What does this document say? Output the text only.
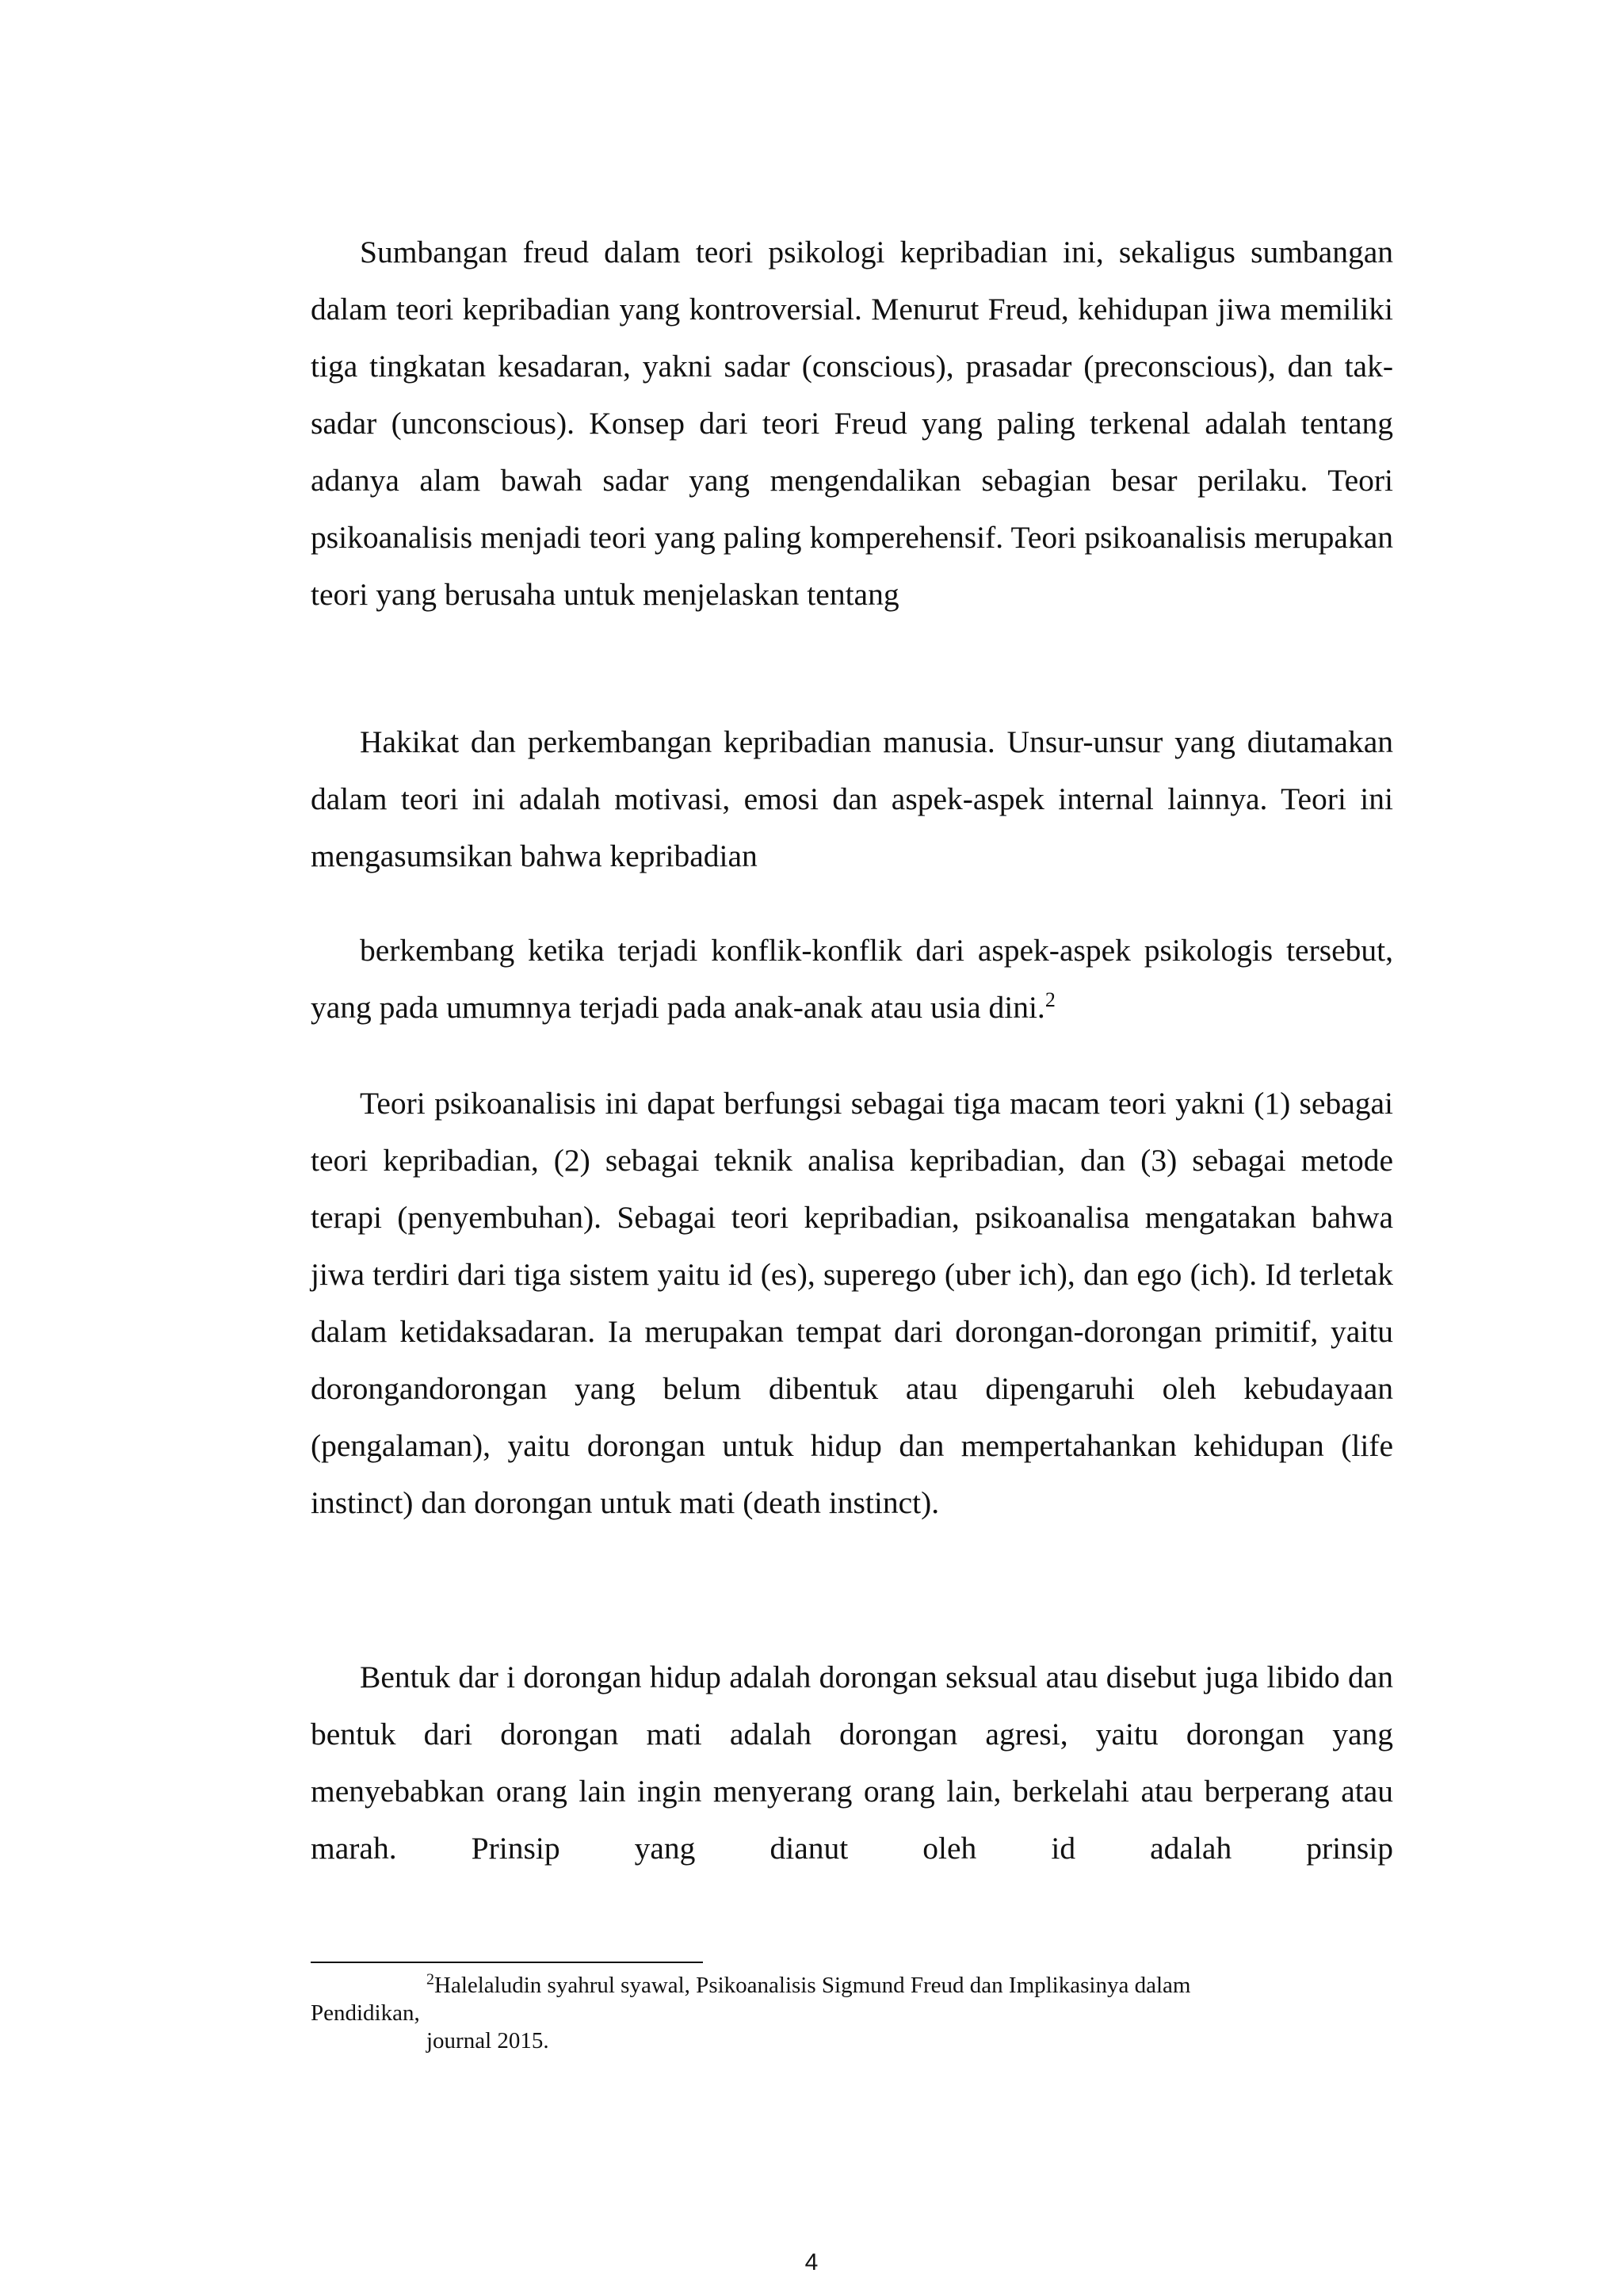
Sumbangan freud dalam teori psikologi kepribadian ini, sekaligus sumbangan dalam teori kepribadian yang kontroversial. Menurut Freud, kehidupan jiwa memiliki tiga tingkatan kesadaran, yakni sadar (conscious), prasadar (preconscious), dan tak-sadar (unconscious). Konsep dari teori Freud yang paling terkenal adalah tentang adanya alam bawah sadar yang mengendalikan sebagian besar perilaku. Teori psikoanalisis menjadi teori yang paling komperehensif. Teori psikoanalisis merupakan teori yang berusaha untuk menjelaskan tentang

Hakikat dan perkembangan kepribadian manusia. Unsur-unsur yang diutamakan dalam teori ini adalah motivasi, emosi dan aspek-aspek internal lainnya. Teori ini mengasumsikan bahwa kepribadian

berkembang ketika terjadi konflik-konflik dari aspek-aspek psikologis tersebut, yang pada umumnya terjadi pada anak-anak atau usia dini.$^2$

Teori psikoanalisis ini dapat berfungsi sebagai tiga macam teori yakni (1) sebagai teori kepribadian, (2) sebagai teknik analisa kepribadian, dan (3) sebagai metode terapi (penyembuhan). Sebagai teori kepribadian, psikoanalisa mengatakan bahwa jiwa terdiri dari tiga sistem yaitu id (es), superego (uber ich), dan ego (ich). Id terletak dalam ketidaksadaran. Ia merupakan tempat dari dorongan-dorongan primitif, yaitu dorongandorongan yang belum dibentuk atau dipengaruhi oleh kebudayaan (pengalaman), yaitu dorongan untuk hidup dan mempertahankan kehidupan (life instinct) dan dorongan untuk mati (death instinct).

Bentuk dar i dorongan hidup adalah dorongan seksual atau disebut juga libido dan bentuk dari dorongan mati adalah dorongan agresi, yaitu dorongan yang menyebabkan orang lain ingin menyerang orang lain, berkelahi atau berperang atau marah. Prinsip yang dianut oleh id adalah prinsip

$^2$Halelaludin syahrul syawal, Psikoanalisis Sigmund Freud dan Implikasinya dalam

Pendidikan,

journal 2015.

4
